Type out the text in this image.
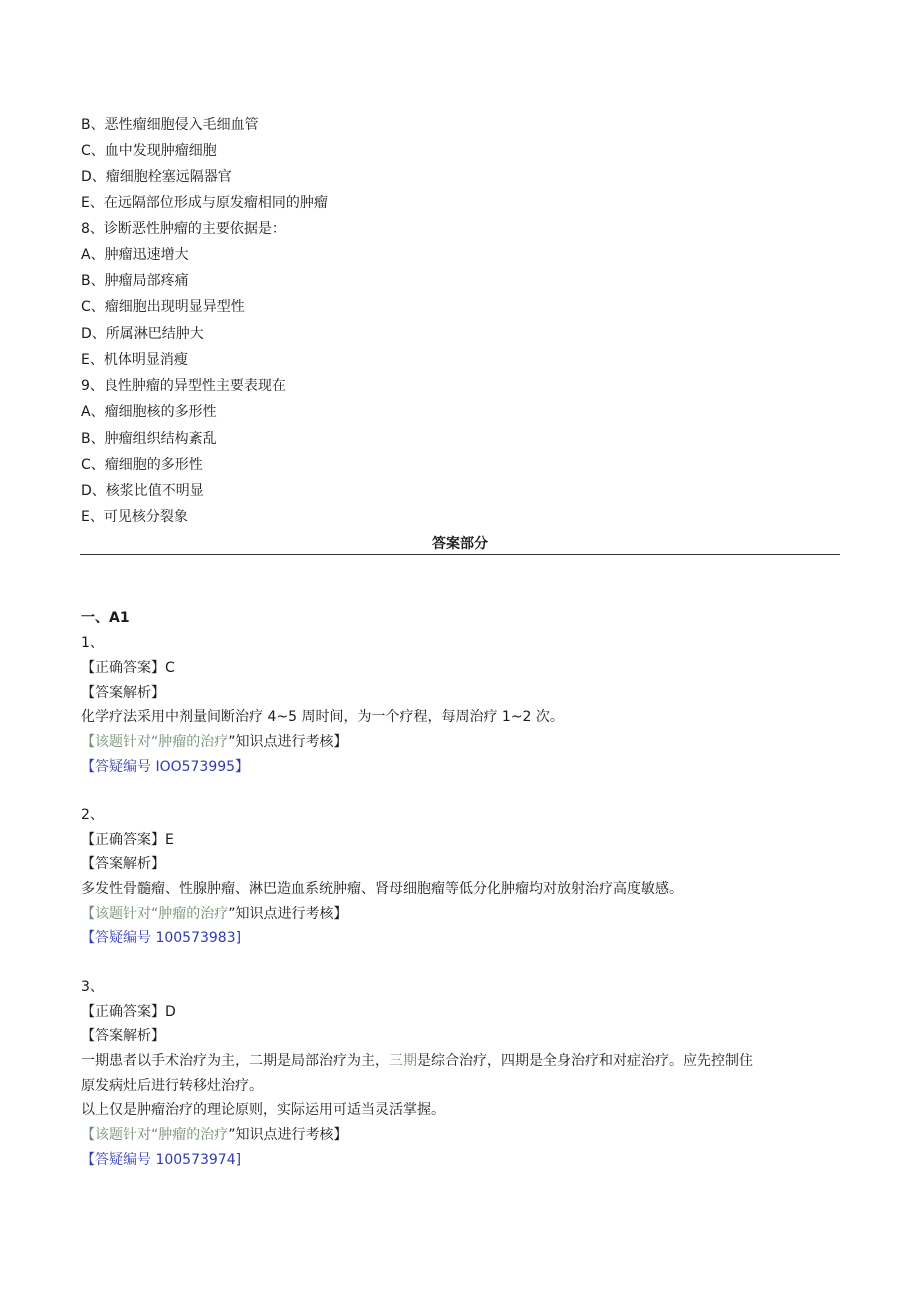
B、恶性瘤细胞侵入毛细血管
C、血中发现肿瘤细胞
D、瘤细胞栓塞远隔器官
E、在远隔部位形成与原发瘤相同的肿瘤
8、诊断恶性肿瘤的主要依据是：
A、肿瘤迅速增大
B、肿瘤局部疼痛
C、瘤细胞出现明显异型性
D、所属淋巴结肿大
E、机体明显消瘦
9、良性肿瘤的异型性主要表现在
A、瘤细胞核的多形性
B、肿瘤组织结构紊乱
C、瘤细胞的多形性
D、核浆比值不明显
E、可见核分裂象
答案部分
一、A1
1、
【正确答案】C
【答案解析】
化学疗法采用中剂量间断治疗 4~5 周时间，为一个疗程，每周治疗 1~2 次。
【该题针对“肿瘤的治疗”知识点进行考核】
【答疑编号 IOO573995】
2、
【正确答案】E
【答案解析】
多发性骨髓瘤、性腺肿瘤、淋巴造血系统肿瘤、肾母细胞瘤等低分化肿瘤均对放射治疗高度敏感。
【该题针对“肿瘤的治疗”知识点进行考核】
【答疑编号 100573983]
3、
【正确答案】D
【答案解析】
一期患者以手术治疗为主，二期是局部治疗为主，三期是综合治疗，四期是全身治疗和对症治疗。应先控制住
原发病灶后进行转移灶治疗。
以上仅是肿瘤治疗的理论原则，实际运用可适当灵活掌握。
【该题针对“肿瘤的治疗”知识点进行考核】
【答疑编号 100573974]
